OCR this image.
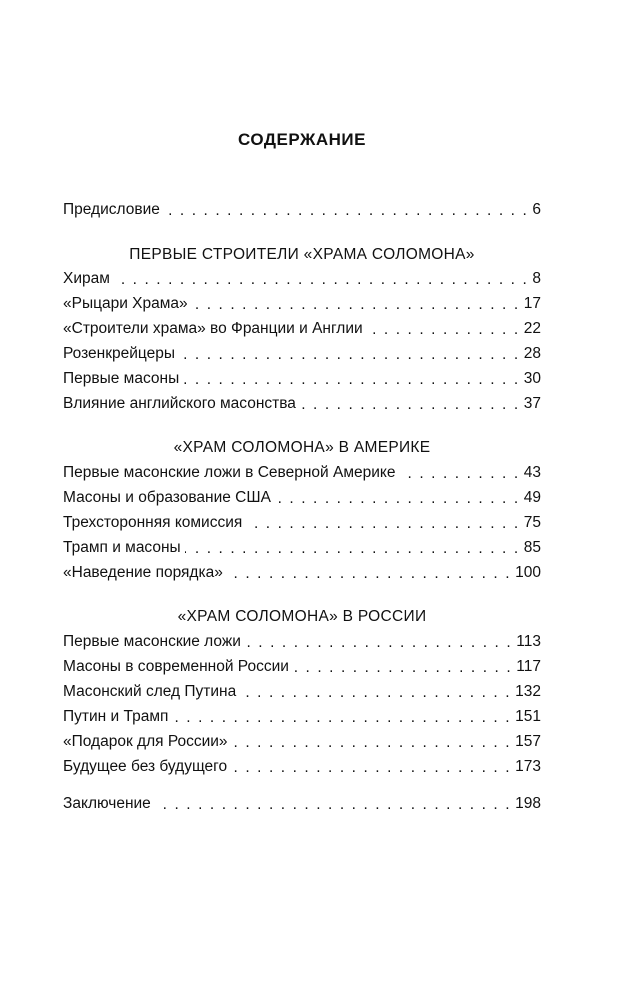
СОДЕРЖАНИЕ
Предисловие . . .	6
ПЕРВЫЕ СТРОИТЕЛИ «ХРАМА СОЛОМОНА»
Хирам . . .	8
«Рыцари Храма» . . .	17
«Строители храма» во Франции и Англии . . .	22
Розенкрейцеры . . .	28
Первые масоны . . .	30
Влияние английского масонства . . .	37
«ХРАМ СОЛОМОНА» В АМЕРИКЕ
Первые масонские ложи в Северной Америке . . .	43
Масоны и образование США . . .	49
Трехсторонняя комиссия . . .	75
Трамп и масоны . . .	85
«Наведение порядка» . . .	100
«ХРАМ СОЛОМОНА» В РОССИИ
Первые масонские ложи . . .	113
Масоны в современной России . . .	117
Масонский след Путина . . .	132
Путин и Трамп . . .	151
«Подарок для России» . . .	157
Будущее без будущего . . .	173
Заключение . . .	198
